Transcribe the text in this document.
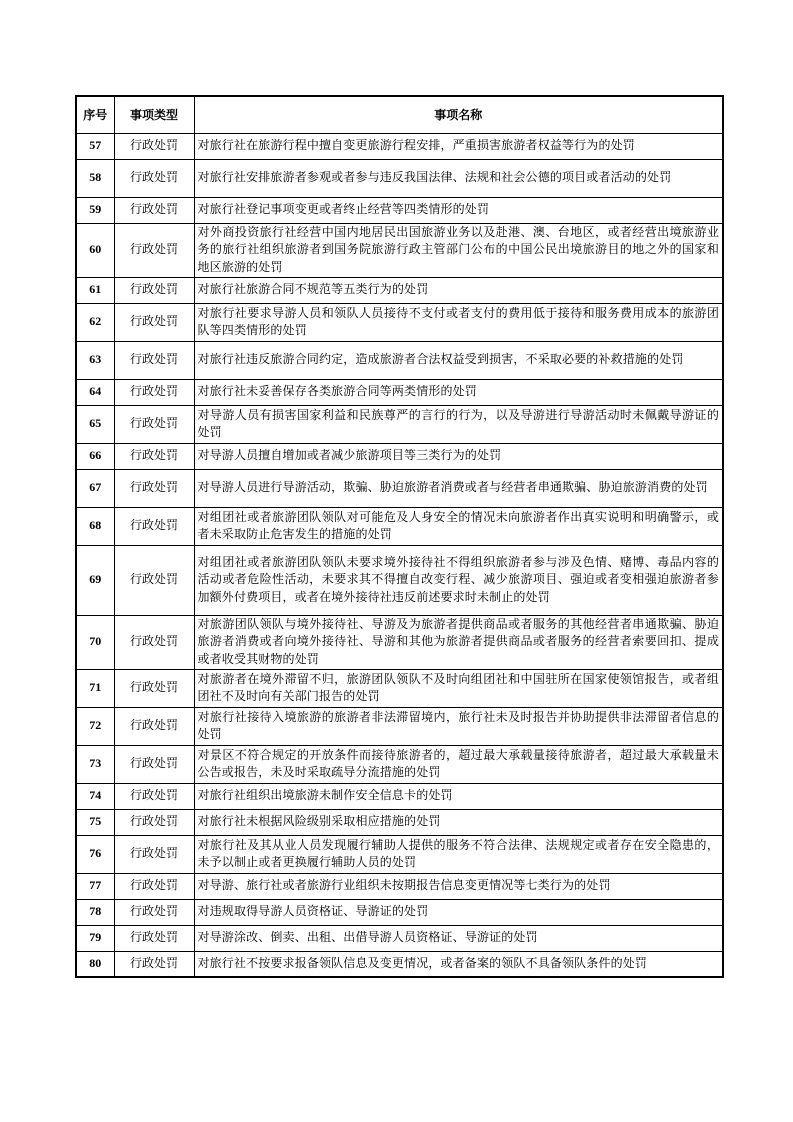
序号	事项类型	事项名称
57	行政处罚	对旅行社在旅游行程中擅自变更旅游行程安排，严重损害旅游者权益等行为的处罚
58	行政处罚	对旅行社安排旅游者参观或者参与违反我国法律、法规和社会公德的项目或者活动的处罚
59	行政处罚	对旅行社登记事项变更或者终止经营等四类情形的处罚
60	行政处罚	对外商投资旅行社经营中国内地居民出国旅游业务以及赴港、澳、台地区，或者经营出境旅游业务的旅行社组织旅游者到国务院旅游行政主管部门公布的中国公民出境旅游目的地之外的国家和地区旅游的处罚
61	行政处罚	对旅行社旅游合同不规范等五类行为的处罚
62	行政处罚	对旅行社要求导游人员和领队人员接待不支付或者支付的费用低于接待和服务费用成本的旅游团队等四类情形的处罚
63	行政处罚	对旅行社违反旅游合同约定，造成旅游者合法权益受到损害，不采取必要的补救措施的处罚
64	行政处罚	对旅行社未妥善保存各类旅游合同等两类情形的处罚
65	行政处罚	对导游人员有损害国家利益和民族尊严的言行的行为，以及导游进行导游活动时未佩戴导游证的处罚
66	行政处罚	对导游人员擅自增加或者减少旅游项目等三类行为的处罚
67	行政处罚	对导游人员进行导游活动，欺骗、胁迫旅游者消费或者与经营者串通欺骗、胁迫旅游消费的处罚
68	行政处罚	对组团社或者旅游团队领队对可能危及人身安全的情况未向旅游者作出真实说明和明确警示，或者未采取防止危害发生的措施的处罚
69	行政处罚	对组团社或者旅游团队领队未要求境外接待社不得组织旅游者参与涉及色情、赌博、毒品内容的活动或者危险性活动，未要求其不得擅自改变行程、减少旅游项目、强迫或者变相强迫旅游者参加额外付费项目，或者在境外接待社违反前述要求时未制止的处罚
70	行政处罚	对旅游团队领队与境外接待社、导游及为旅游者提供商品或者服务的其他经营者串通欺骗、胁迫旅游者消费或者向境外接待社、导游和其他为旅游者提供商品或者服务的经营者索要回扣、提成或者收受其财物的处罚
71	行政处罚	对旅游者在境外滞留不归，旅游团队领队不及时向组团社和中国驻所在国家使领馆报告，或者组团社不及时向有关部门报告的处罚
72	行政处罚	对旅行社接待入境旅游的旅游者非法滞留境内，旅行社未及时报告并协助提供非法滞留者信息的处罚
73	行政处罚	对景区不符合规定的开放条件而接待旅游者的，超过最大承载量接待旅游者，超过最大承载量未公告或报告，未及时采取疏导分流措施的处罚
74	行政处罚	对旅行社组织出境旅游未制作安全信息卡的处罚
75	行政处罚	对旅行社未根据风险级别采取相应措施的处罚
76	行政处罚	对旅行社及其从业人员发现履行辅助人提供的服务不符合法律、法规规定或者存在安全隐患的，未予以制止或者更换履行辅助人员的处罚
77	行政处罚	对导游、旅行社或者旅游行业组织未按期报告信息变更情况等七类行为的处罚
78	行政处罚	对违规取得导游人员资格证、导游证的处罚
79	行政处罚	对导游涂改、倒卖、出租、出借导游人员资格证、导游证的处罚
80	行政处罚	对旅行社不按要求报备领队信息及变更情况，或者备案的领队不具备领队条件的处罚
